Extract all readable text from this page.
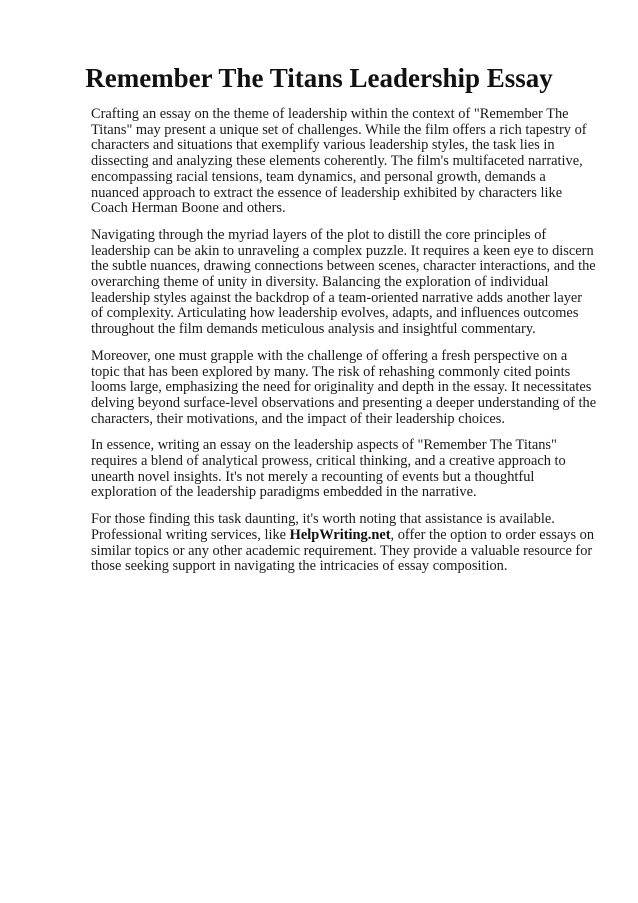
Remember The Titans Leadership Essay

Crafting an essay on the theme of leadership within the context of "Remember The Titans" may present a unique set of challenges. While the film offers a rich tapestry of characters and situations that exemplify various leadership styles, the task lies in dissecting and analyzing these elements coherently. The film's multifaceted narrative, encompassing racial tensions, team dynamics, and personal growth, demands a nuanced approach to extract the essence of leadership exhibited by characters like Coach Herman Boone and others.

Navigating through the myriad layers of the plot to distill the core principles of leadership can be akin to unraveling a complex puzzle. It requires a keen eye to discern the subtle nuances, drawing connections between scenes, character interactions, and the overarching theme of unity in diversity. Balancing the exploration of individual leadership styles against the backdrop of a team-oriented narrative adds another layer of complexity. Articulating how leadership evolves, adapts, and influences outcomes throughout the film demands meticulous analysis and insightful commentary.

Moreover, one must grapple with the challenge of offering a fresh perspective on a topic that has been explored by many. The risk of rehashing commonly cited points looms large, emphasizing the need for originality and depth in the essay. It necessitates delving beyond surface-level observations and presenting a deeper understanding of the characters, their motivations, and the impact of their leadership choices.

In essence, writing an essay on the leadership aspects of "Remember The Titans" requires a blend of analytical prowess, critical thinking, and a creative approach to unearth novel insights. It's not merely a recounting of events but a thoughtful exploration of the leadership paradigms embedded in the narrative.

For those finding this task daunting, it's worth noting that assistance is available. Professional writing services, like HelpWriting.net, offer the option to order essays on similar topics or any other academic requirement. They provide a valuable resource for those seeking support in navigating the intricacies of essay composition.
